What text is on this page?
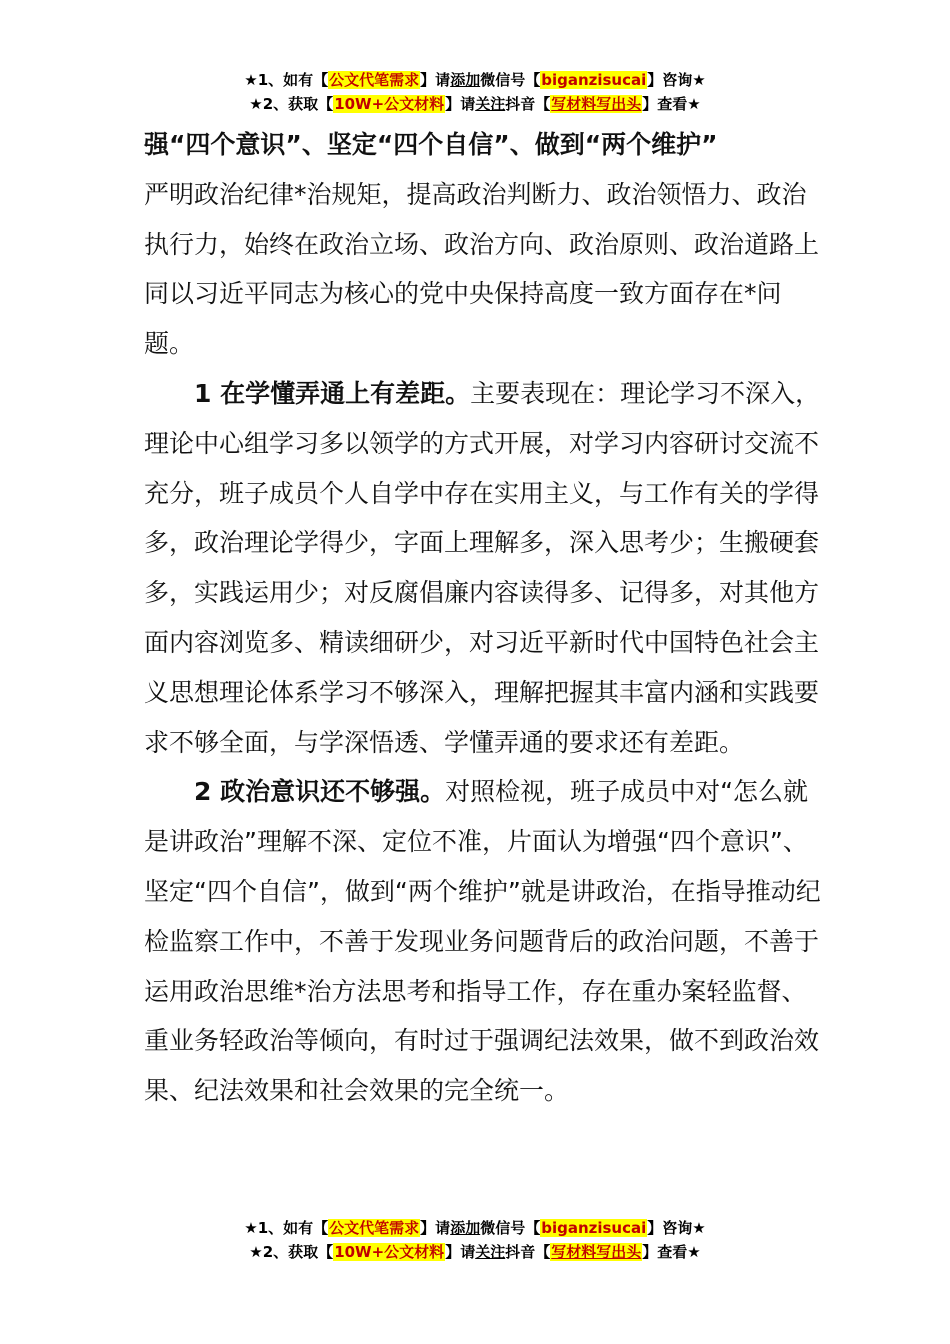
★1、如有【公文代笔需求】请添加微信号【biganzisucai】咨询★
★2、获取【10W+公文材料】请关注抖音【写材料写出头】查看★

强“四个意识”、坚定“四个自信”、做到“两个维护”

严明政治纪律*治规矩，提高政治判断力、政治领悟力、政治执行力，始终在政治立场、政治方向、政治原则、政治道路上同以习近平同志为核心的党中央保持高度一致方面存在*问题。

1 在学懂弄通上有差距。主要表现在：理论学习不深入，理论中心组学习多以领学的方式开展，对学习内容研讨交流不充分，班子成员个人自学中存在实用主义，与工作有关的学得多，政治理论学得少，字面上理解多，深入思考少；生搬硬套多，实践运用少；对反腐倡廉内容读得多、记得多，对其他方面内容浏览多、精读细研少，对习近平新时代中国特色社会主义思想理论体系学习不够深入，理解把握其丰富内涵和实践要求不够全面，与学深悟透、学懂弄通的要求还有差距。

2 政治意识还不够强。对照检视，班子成员中对“怎么就是讲政治”理解不深、定位不准，片面认为增强“四个意识”、坚定“四个自信”，做到“两个维护”就是讲政治，在指导推动纪检监察工作中，不善于发现业务问题背后的政治问题，不善于运用政治思维*治方法思考和指导工作，存在重办案轻监督、重业务轻政治等倾向，有时过于强调纪法效果，做不到政治效果、纪法效果和社会效果的完全统一。

★1、如有【公文代笔需求】请添加微信号【biganzisucai】咨询★
★2、获取【10W+公文材料】请关注抖音【写材料写出头】查看★
